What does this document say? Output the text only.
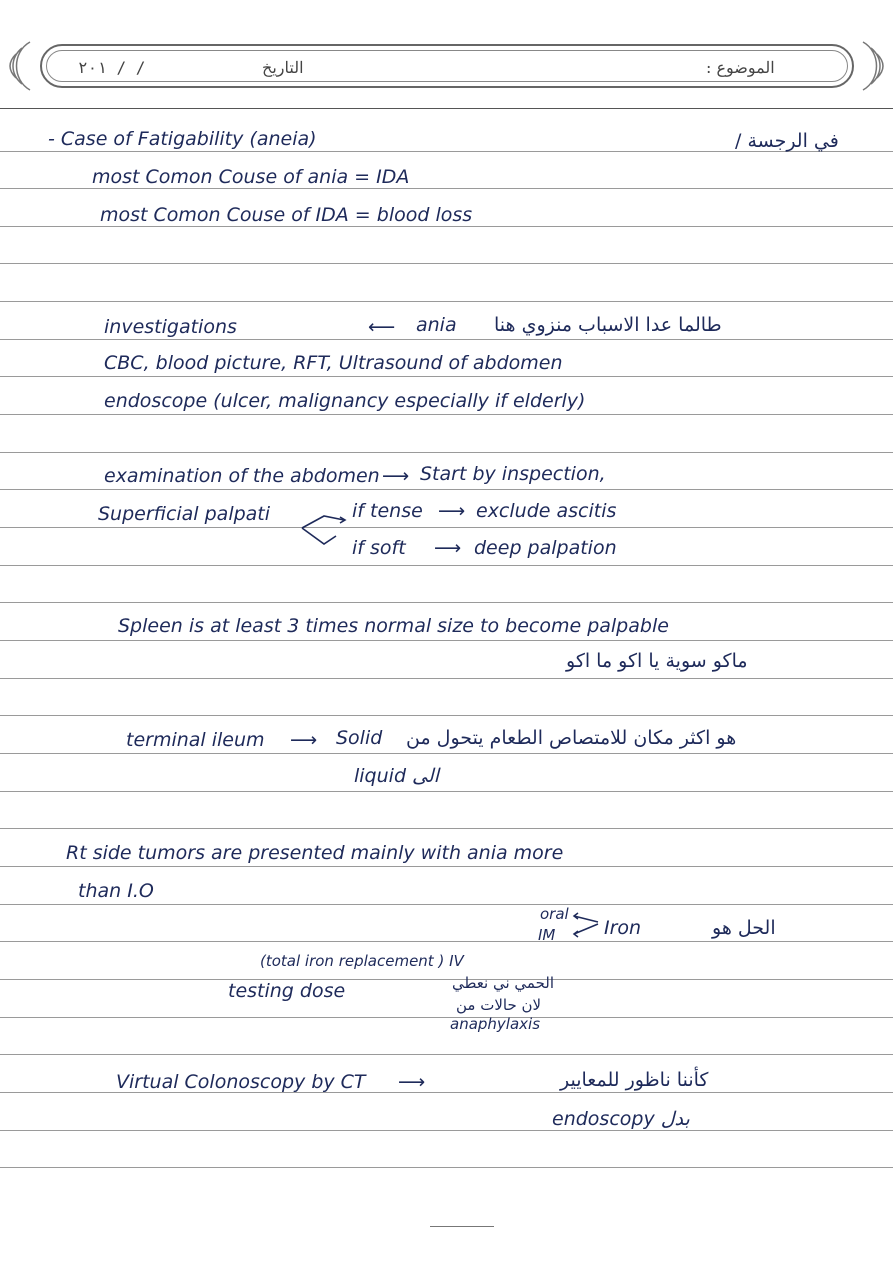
٢٠١ / /	التاريخ	الموضوع :
- Case of Fatigability (aneia)	في الرجسة /
most Comon Couse of ania = IDA
most Comon Couse of IDA = blood loss
investigations	⟵ ania طالما عدا الاسباب منزوي هنا
CBC, blood picture, RFT, Ultrasound of abdomen
endoscope (ulcer, malignancy especially if elderly)
examination of the abdomen ⟶ Start by inspection,
Superficial palpati	if tense ⟶ exclude ascitis
if soft ⟶ deep palpation
Spleen is at least 3 times normal size to become palpable
ماكو سوية يا اكو ما اكو
terminal ileum ⟶ Solid هو اكثر مكان للامتصاص الطعام يتحول من
liquid الى
Rt side tumors are presented mainly with ania more
than I.O
oral
IM	Iron	الحل هو
(total iron replacement ) IV
testing dose	الحمي ني نعطي
لان حالات من
anaphylaxis
Virtual Colonoscopy by CT ⟶	كأننا ناظور للمعايير
endoscopy بدل
